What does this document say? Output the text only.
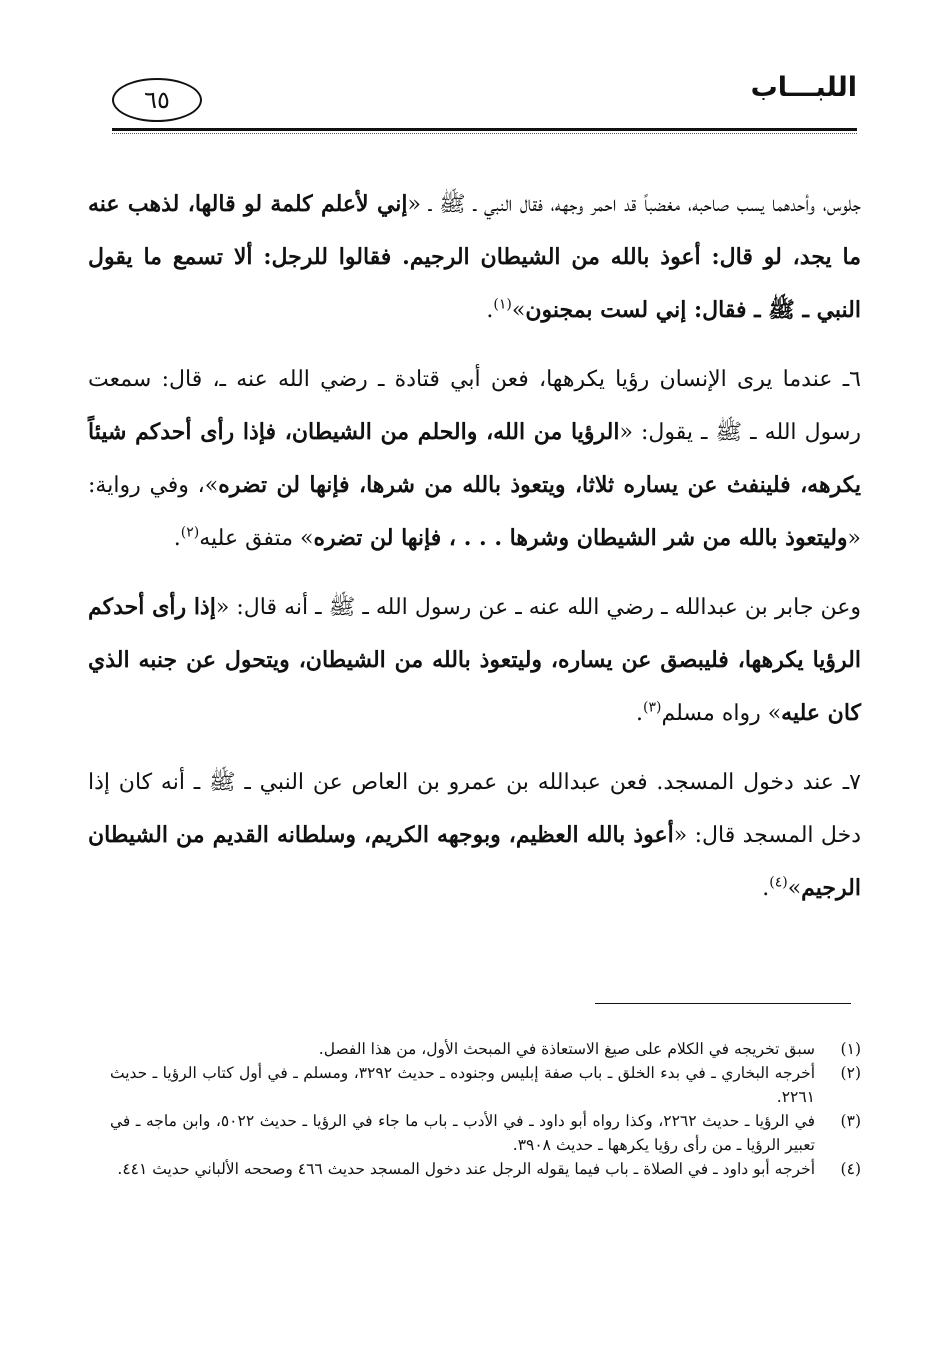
اللبـــاب
٦٥

جلوس، وأحدهما يسب صاحبه، مغضباً قد احمر وجهه، فقال النبي ـ ﷺ ـ «إني لأعلم كلمة لو قالها، لذهب عنه ما يجد، لو قال: أعوذ بالله من الشيطان الرجيم. فقالوا للرجل: ألا تسمع ما يقول النبي ـ ﷺ ـ فقال: إني لست بمجنون»$^{(١)}$.

٦ـ عندما يرى الإنسان رؤيا يكرهها، فعن أبي قتادة ـ رضي الله عنه ـ، قال: سمعت رسول الله ـ ﷺ ـ يقول: «الرؤيا من الله، والحلم من الشيطان، فإذا رأى أحدكم شيئاً يكرهه، فلينفث عن يساره ثلاثا، ويتعوذ بالله من شرها، فإنها لن تضره»، وفي رواية: «وليتعوذ بالله من شر الشيطان وشرها . . . ، فإنها لن تضره» متفق عليه$^{(٢)}$.

وعن جابر بن عبدالله ـ رضي الله عنه ـ عن رسول الله ـ ﷺ ـ أنه قال: «إذا رأى أحدكم الرؤيا يكرهها، فليبصق عن يساره، وليتعوذ بالله من الشيطان، ويتحول عن جنبه الذي كان عليه» رواه مسلم$^{(٣)}$.

٧ـ عند دخول المسجد. فعن عبدالله بن عمرو بن العاص عن النبي ـ ﷺ ـ أنه كان إذا دخل المسجد قال: «أعوذ بالله العظيم، وبوجهه الكريم، وسلطانه القديم من الشيطان الرجيم»$^{(٤)}$.

(١)
سبق تخريجه في الكلام على صيغ الاستعاذة في المبحث الأول، من هذا الفصل.
(٢)
أخرجه البخاري ـ في بدء الخلق ـ باب صفة إبليس وجنوده ـ حديث ٣٢٩٢، ومسلم ـ في أول كتاب الرؤيا ـ حديث ٢٢٦١.
(٣)
في الرؤيا ـ حديث ٢٢٦٢، وكذا رواه أبو داود ـ في الأدب ـ باب ما جاء في الرؤيا ـ حديث ٥٠٢٢، وابن ماجه ـ في تعبير الرؤيا ـ من رأى رؤيا يكرهها ـ حديث ٣٩٠٨.
(٤)
أخرجه أبو داود ـ في الصلاة ـ باب فيما يقوله الرجل عند دخول المسجد حديث ٤٦٦ وصححه الألباني حديث ٤٤١.
